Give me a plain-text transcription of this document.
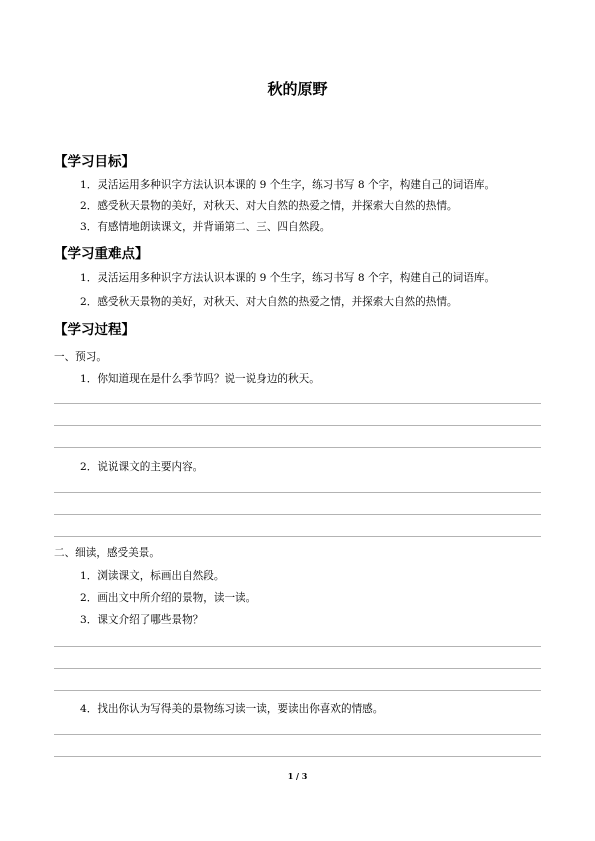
秋的原野
【学习目标】
1．灵活运用多种识字方法认识本课的 9 个生字，练习书写 8 个字，构建自己的词语库。
2．感受秋天景物的美好，对秋天、对大自然的热爱之情，并探索大自然的热情。
3．有感情地朗读课文，并背诵第二、三、四自然段。
【学习重难点】
1．灵活运用多种识字方法认识本课的 9 个生字，练习书写 8 个字，构建自己的词语库。
2．感受秋天景物的美好，对秋天、对大自然的热爱之情，并探索大自然的热情。
【学习过程】
一、预习。
1．你知道现在是什么季节吗？说一说身边的秋天。
2．说说课文的主要内容。
二、细读，感受美景。
1．浏读课文，标画出自然段。
2．画出文中所介绍的景物，读一读。
3．课文介绍了哪些景物？
4．找出你认为写得美的景物练习读一读，要读出你喜欢的情感。
1 / 3
